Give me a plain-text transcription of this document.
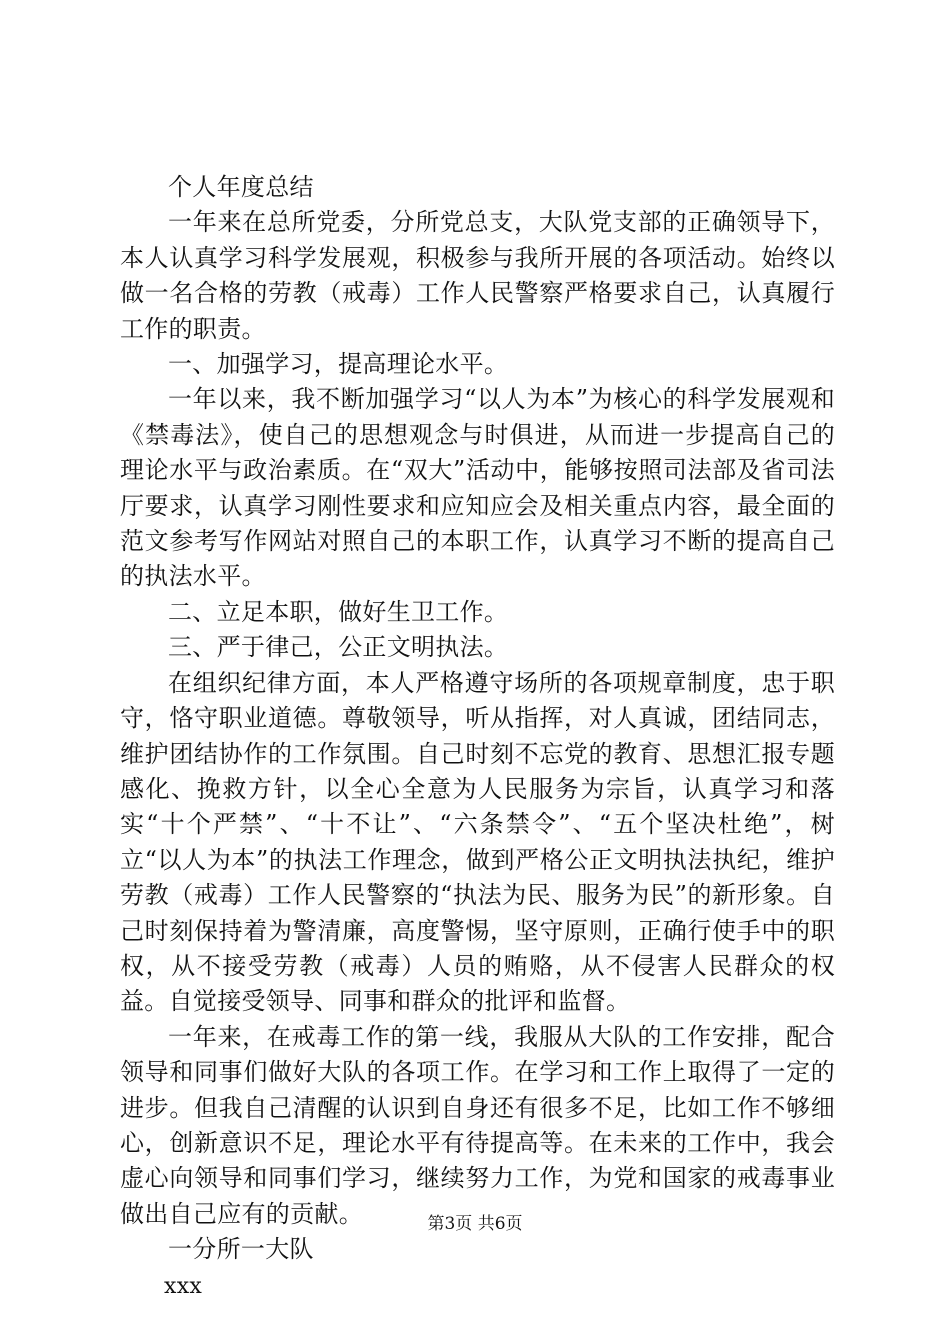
个人年度总结

一年来在总所党委，分所党总支，大队党支部的正确领导下，本人认真学习科学发展观，积极参与我所开展的各项活动。始终以做一名合格的劳教（戒毒）工作人民警察严格要求自己，认真履行工作的职责。

一、加强学习，提高理论水平。

一年以来，我不断加强学习“以人为本”为核心的科学发展观和《禁毒法》，使自己的思想观念与时俱进，从而进一步提高自己的理论水平与政治素质。在“双大”活动中，能够按照司法部及省司法厅要求，认真学习刚性要求和应知应会及相关重点内容，最全面的范文参考写作网站对照自己的本职工作，认真学习不断的提高自己的执法水平。

二、立足本职，做好生卫工作。

三、严于律己，公正文明执法。

在组织纪律方面，本人严格遵守场所的各项规章制度，忠于职守，恪守职业道德。尊敬领导，听从指挥，对人真诚，团结同志，维护团结协作的工作氛围。自己时刻不忘党的教育、思想汇报专题感化、挽救方针，以全心全意为人民服务为宗旨，认真学习和落实“十个严禁”、“十不让”、“六条禁令”、“五个坚决杜绝”，树立“以人为本”的执法工作理念，做到严格公正文明执法执纪，维护劳教（戒毒）工作人民警察的“执法为民、服务为民”的新形象。自己时刻保持着为警清廉，高度警惕，坚守原则，正确行使手中的职权，从不接受劳教（戒毒）人员的贿赂，从不侵害人民群众的权益。自觉接受领导、同事和群众的批评和监督。

一年来，在戒毒工作的第一线，我服从大队的工作安排，配合领导和同事们做好大队的各项工作。在学习和工作上取得了一定的进步。但我自己清醒的认识到自身还有很多不足，比如工作不够细心，创新意识不足，理论水平有待提高等。在未来的工作中，我会虚心向领导和同事们学习，继续努力工作，为党和国家的戒毒事业做出自己应有的贡献。

一分所一大队

xxx

第3页 共6页
